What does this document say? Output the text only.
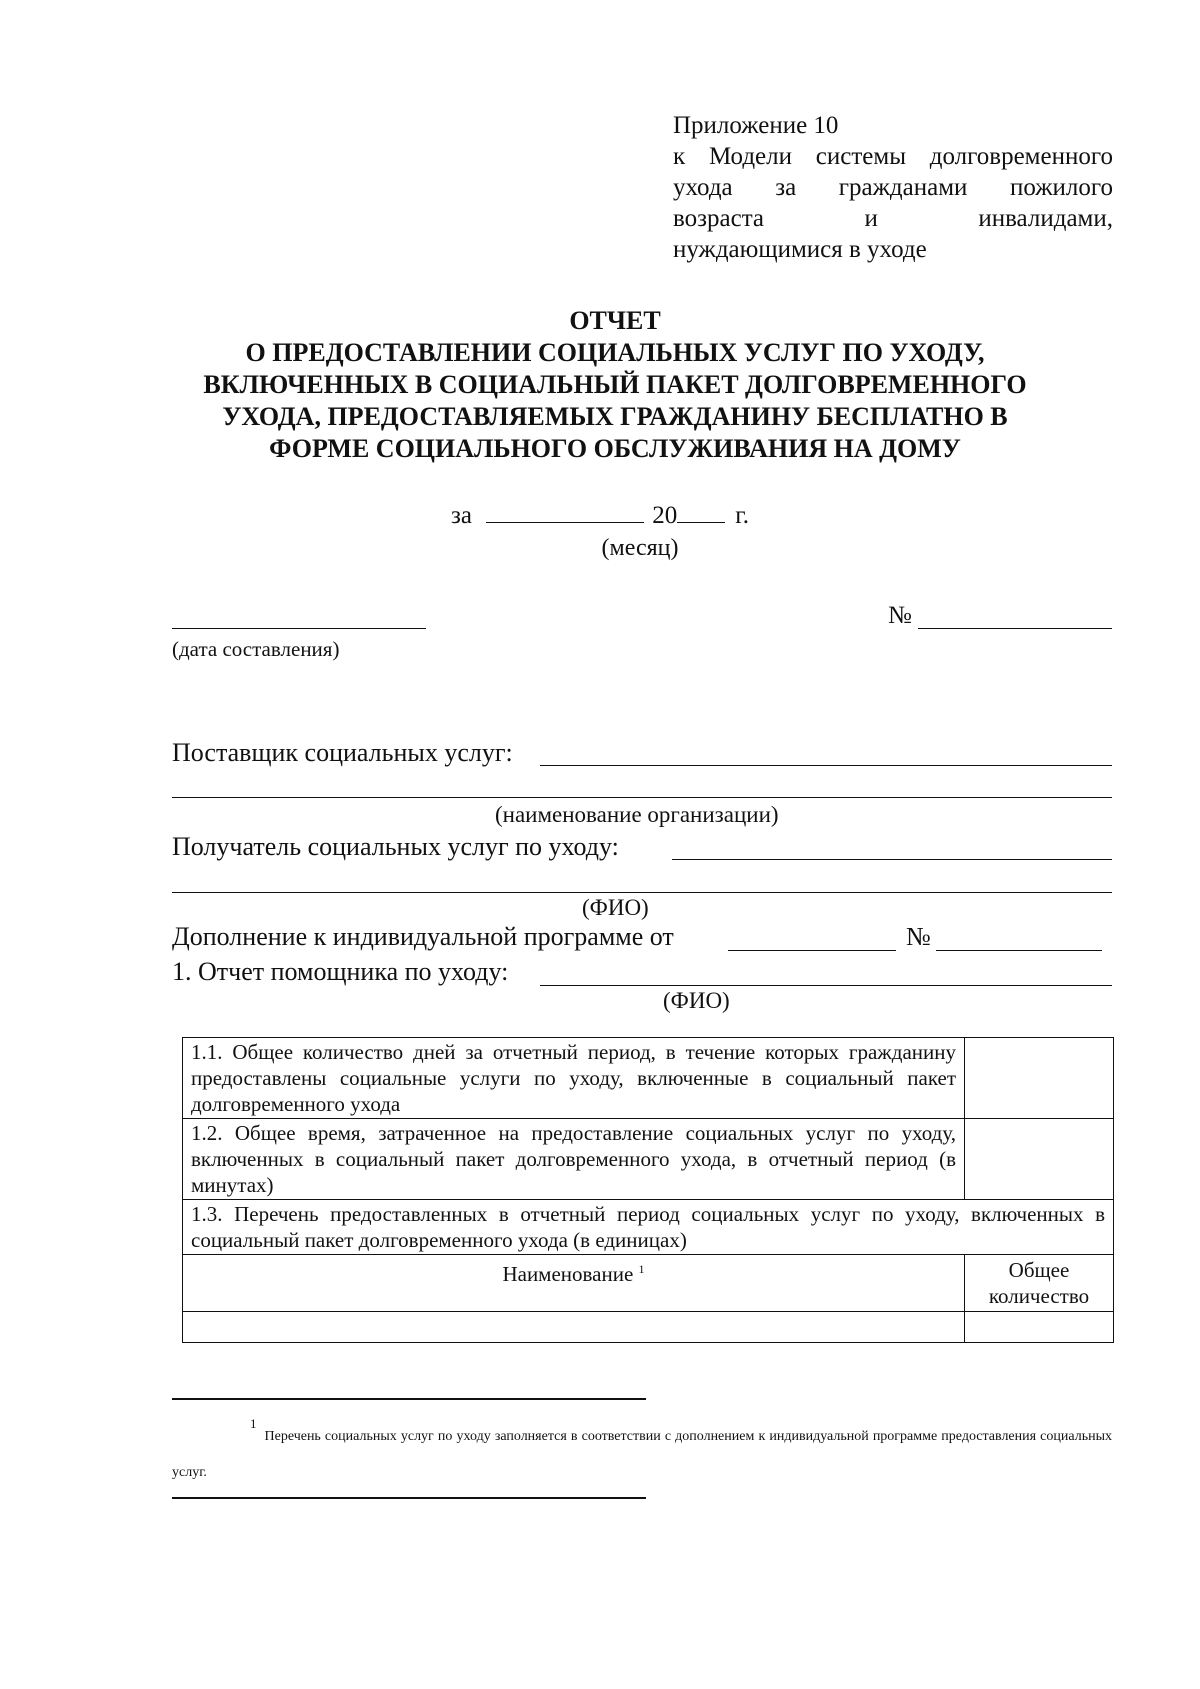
Приложение 10
к Модели системы долговременного
ухода за гражданами пожилого
возраста и инвалидами,
нуждающимися в уходе
ОТЧЕТ
О ПРЕДОСТАВЛЕНИИ СОЦИАЛЬНЫХ УСЛУГ ПО УХОДУ,
ВКЛЮЧЕННЫХ В СОЦИАЛЬНЫЙ ПАКЕТ ДОЛГОВРЕМЕННОГО
УХОДА, ПРЕДОСТАВЛЯЕМЫХ ГРАЖДАНИНУ БЕСПЛАТНО В
ФОРМЕ СОЦИАЛЬНОГО ОБСЛУЖИВАНИЯ НА ДОМУ
за	20 г.
(месяц)
(дата составления)
№
Поставщик социальных услуг:
(наименование организации)
Получатель социальных услуг по уходу:
(ФИО)
Дополнение к индивидуальной программе от	№
1. Отчет помощника по уходу:
(ФИО)
1.1. Общее количество дней за отчетный период, в течение которых гражданину предоставлены социальные услуги по уходу, включенные в социальный пакет долговременного ухода	
1.2. Общее время, затраченное на предоставление социальных услуг по уходу, включенных в социальный пакет долговременного ухода, в отчетный период (в минутах)	
1.3. Перечень предоставленных в отчетный период социальных услуг по уходу, включенных в социальный пакет долговременного ухода (в единицах)	
Наименование $^1$	Общее
количество

1Перечень социальных услуг по уходу заполняется в соответствии с дополнением к индивидуальной программе предоставления социальных услуг.
